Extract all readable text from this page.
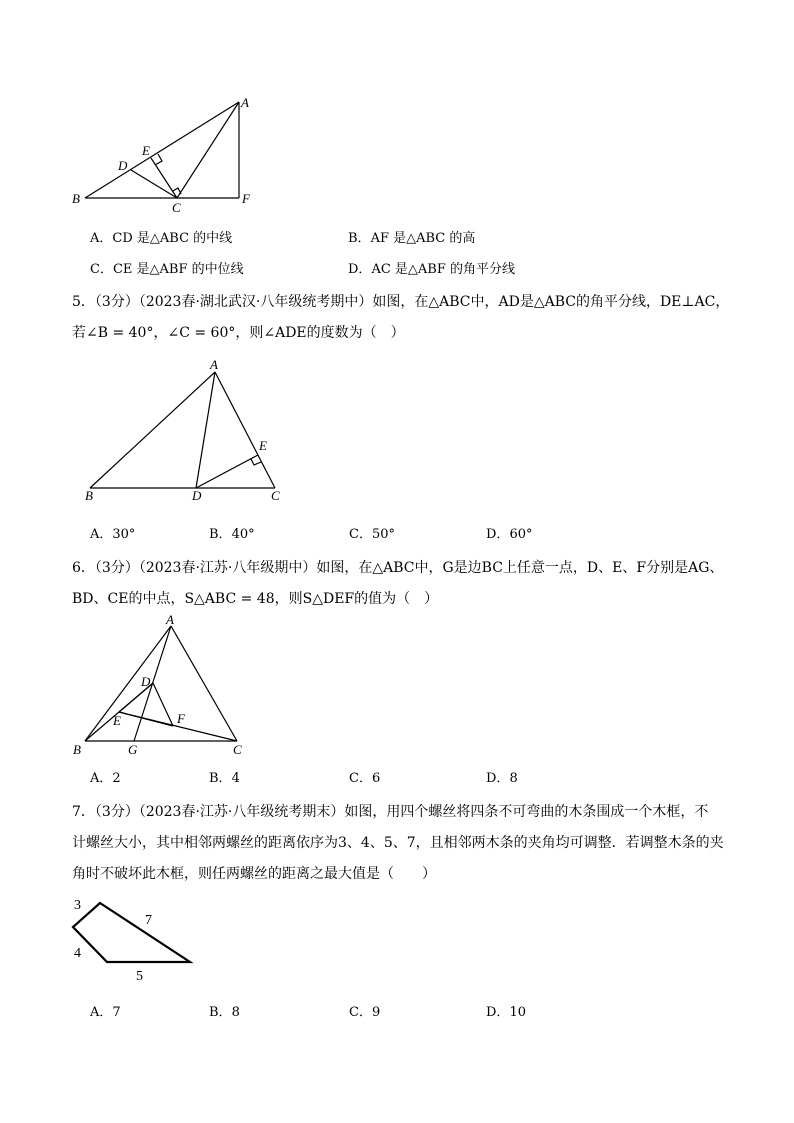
A
E
D
B
C
F
A．CD 是△ABC 的中线	B．AF 是△ABC 的高
C．CE 是△ABF 的中位线	D．AC 是△ABF 的角平分线
5．（3分）（2023春·湖北武汉·八年级统考期中）如图，在△ABC中，AD是△ABC的角平分线，DE⊥AC，
若∠B = 40°，∠C = 60°，则∠ADE的度数为（　）
A
E
B	D	C
A．30°	B．40°	C．50°	D．60°
6．（3分）（2023春·江苏·八年级期中）如图，在△ABC中，G是边BC上任意一点，D、E、F分别是AG、
BD、CE的中点，S△ABC = 48，则S△DEF的值为（　）
A
D
E	F
B	G	C
A．2	B．4	C．6	D．8
7．（3分）（2023春·江苏·八年级统考期末）如图，用四个螺丝将四条不可弯曲的木条围成一个木框，不
计螺丝大小，其中相邻两螺丝的距离依序为3、4、5、7，且相邻两木条的夹角均可调整．若调整木条的夹
角时不破坏此木框，则任两螺丝的距离之最大值是（　　）
3
7
4
5
A．7	B．8	C．9	D．10
